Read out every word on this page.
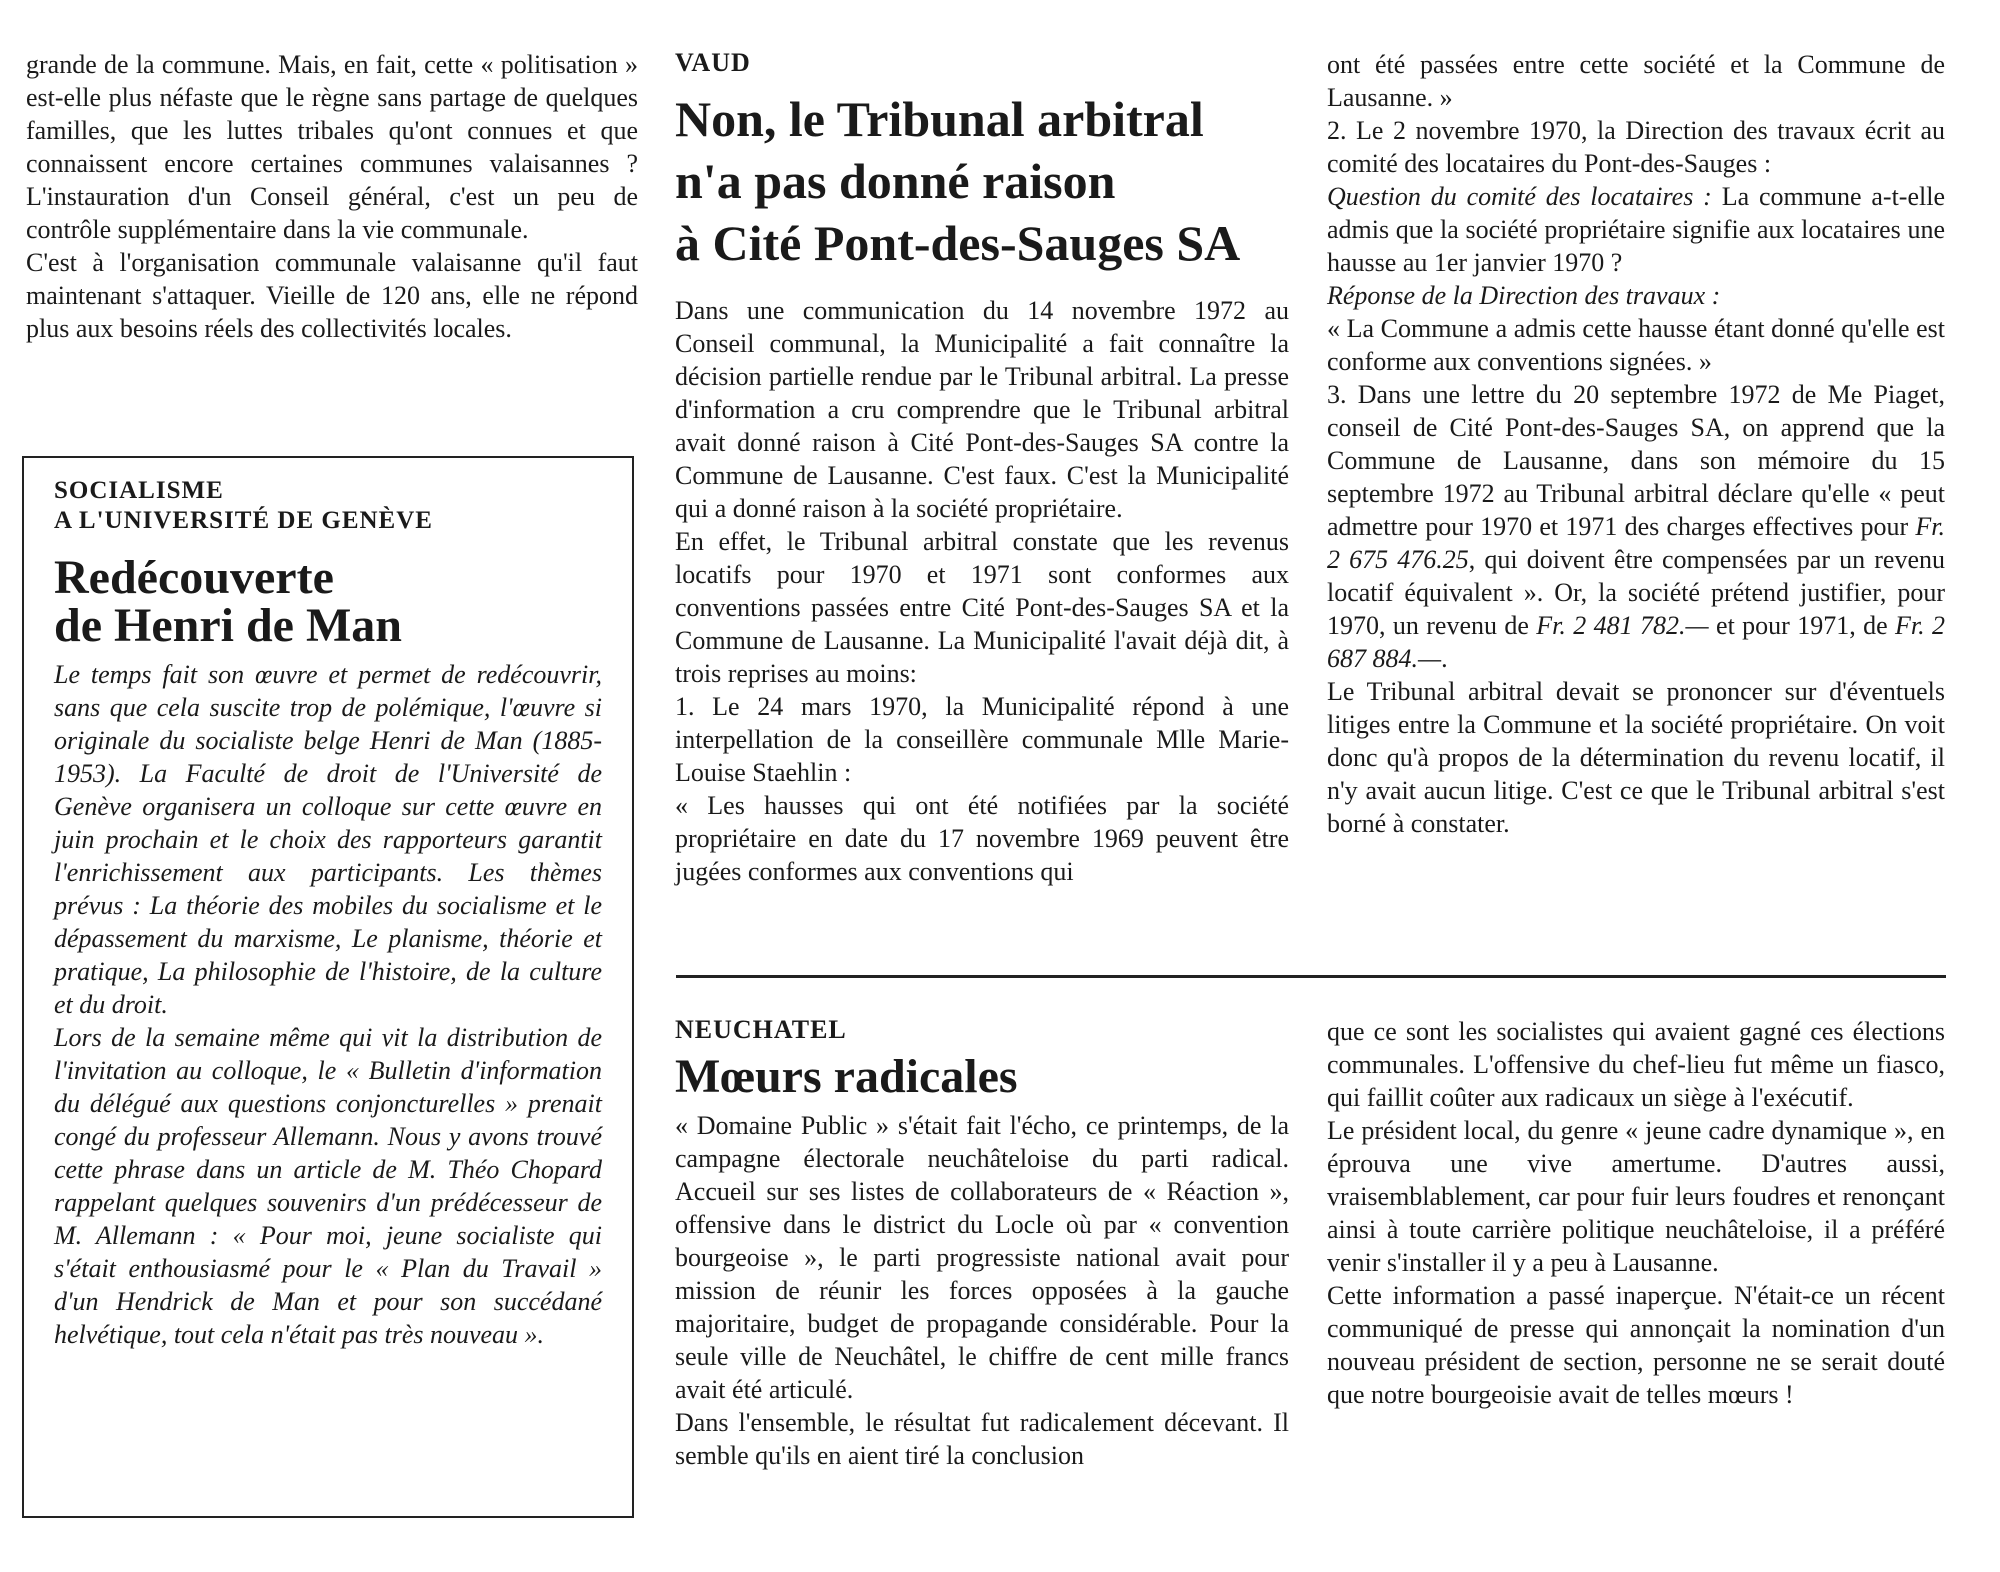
grande de la commune. Mais, en fait, cette « politisation » est-elle plus néfaste que le règne sans partage de quelques familles, que les luttes tribales qu'ont connues et que connaissent encore certaines communes valaisannes ? L'instauration d'un Conseil général, c'est un peu de contrôle supplémentaire dans la vie communale.

C'est à l'organisation communale valaisanne qu'il faut maintenant s'attaquer. Vieille de 120 ans, elle ne répond plus aux besoins réels des collectivités locales.

SOCIALISME
A L'UNIVERSITÉ DE GENÈVE
Redécouverte
de Henri de Man

Le temps fait son œuvre et permet de redécouvrir, sans que cela suscite trop de polémique, l'œuvre si originale du socialiste belge Henri de Man (1885-1953). La Faculté de droit de l'Université de Genève organisera un colloque sur cette œuvre en juin prochain et le choix des rapporteurs garantit l'enrichissement aux participants. Les thèmes prévus : La théorie des mobiles du socialisme et le dépassement du marxisme, Le planisme, théorie et pratique, La philosophie de l'histoire, de la culture et du droit.

Lors de la semaine même qui vit la distribution de l'invitation au colloque, le « Bulletin d'information du délégué aux questions conjoncturelles » prenait congé du professeur Allemann. Nous y avons trouvé cette phrase dans un article de M. Théo Chopard rappelant quelques souvenirs d'un prédécesseur de M. Allemann : « Pour moi, jeune socialiste qui s'était enthousiasmé pour le « Plan du Travail » d'un Hendrick de Man et pour son succédané helvétique, tout cela n'était pas très nouveau ».

VAUD
Non, le Tribunal arbitral
n'a pas donné raison
à Cité Pont-des-Sauges SA

Dans une communication du 14 novembre 1972 au Conseil communal, la Municipalité a fait connaître la décision partielle rendue par le Tribunal arbitral. La presse d'information a cru comprendre que le Tribunal arbitral avait donné raison à Cité Pont-des-Sauges SA contre la Commune de Lausanne. C'est faux. C'est la Municipalité qui a donné raison à la société propriétaire.

En effet, le Tribunal arbitral constate que les revenus locatifs pour 1970 et 1971 sont conformes aux conventions passées entre Cité Pont-des-Sauges SA et la Commune de Lausanne. La Municipalité l'avait déjà dit, à trois reprises au moins:

1. Le 24 mars 1970, la Municipalité répond à une interpellation de la conseillère communale Mlle Marie-Louise Staehlin :

« Les hausses qui ont été notifiées par la société propriétaire en date du 17 novembre 1969 peuvent être jugées conformes aux conventions qui

ont été passées entre cette société et la Commune de Lausanne. »

2. Le 2 novembre 1970, la Direction des travaux écrit au comité des locataires du Pont-des-Sauges :

Question du comité des locataires : La commune a-t-elle admis que la société propriétaire signifie aux locataires une hausse au 1er janvier 1970 ?

Réponse de la Direction des travaux :

« La Commune a admis cette hausse étant donné qu'elle est conforme aux conventions signées. »

3. Dans une lettre du 20 septembre 1972 de Me Piaget, conseil de Cité Pont-des-Sauges SA, on apprend que la Commune de Lausanne, dans son mémoire du 15 septembre 1972 au Tribunal arbitral déclare qu'elle « peut admettre pour 1970 et 1971 des charges effectives pour Fr. 2 675 476.25, qui doivent être compensées par un revenu locatif équivalent ». Or, la société prétend justifier, pour 1970, un revenu de Fr. 2 481 782.— et pour 1971, de Fr. 2 687 884.—.

Le Tribunal arbitral devait se prononcer sur d'éventuels litiges entre la Commune et la société propriétaire. On voit donc qu'à propos de la détermination du revenu locatif, il n'y avait aucun litige. C'est ce que le Tribunal arbitral s'est borné à constater.

NEUCHATEL
Mœurs radicales

« Domaine Public » s'était fait l'écho, ce printemps, de la campagne électorale neuchâteloise du parti radical. Accueil sur ses listes de collaborateurs de « Réaction », offensive dans le district du Locle où par « convention bourgeoise », le parti progressiste national avait pour mission de réunir les forces opposées à la gauche majoritaire, budget de propagande considérable. Pour la seule ville de Neuchâtel, le chiffre de cent mille francs avait été articulé.

Dans l'ensemble, le résultat fut radicalement décevant. Il semble qu'ils en aient tiré la conclusion

que ce sont les socialistes qui avaient gagné ces élections communales. L'offensive du chef-lieu fut même un fiasco, qui faillit coûter aux radicaux un siège à l'exécutif.

Le président local, du genre « jeune cadre dynamique », en éprouva une vive amertume. D'autres aussi, vraisemblablement, car pour fuir leurs foudres et renonçant ainsi à toute carrière politique neuchâteloise, il a préféré venir s'installer il y a peu à Lausanne.

Cette information a passé inaperçue. N'était-ce un récent communiqué de presse qui annonçait la nomination d'un nouveau président de section, personne ne se serait douté que notre bourgeoisie avait de telles mœurs !
